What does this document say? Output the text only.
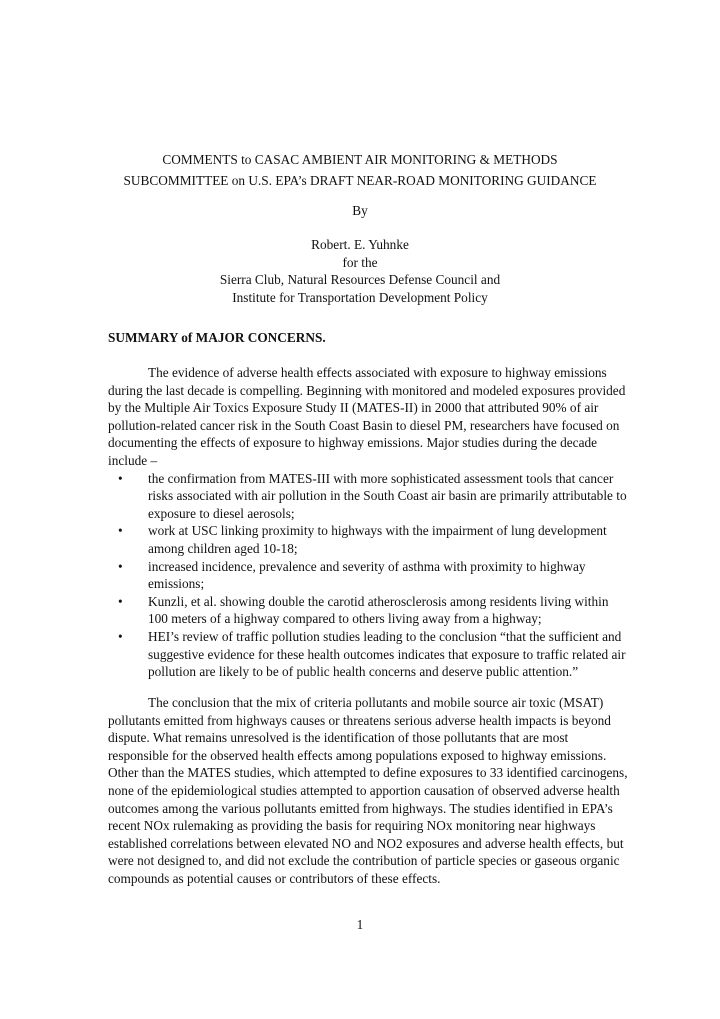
COMMENTS to CASAC AMBIENT AIR MONITORING & METHODS
SUBCOMMITTEE on U.S. EPA’s DRAFT NEAR-ROAD MONITORING GUIDANCE
By
Robert. E. Yuhnke
for the
Sierra Club, Natural Resources Defense Council and
Institute for Transportation Development Policy
SUMMARY of MAJOR CONCERNS.

The evidence of adverse health effects associated with exposure to highway emissions during the last decade is compelling. Beginning with monitored and modeled exposures provided by the Multiple Air Toxics Exposure Study II (MATES-II) in 2000 that attributed 90% of air pollution-related cancer risk in the South Coast Basin to diesel PM, researchers have focused on documenting the effects of exposure to highway emissions. Major studies during the decade include –

• the confirmation from MATES-III with more sophisticated assessment tools that cancer risks associated with air pollution in the South Coast air basin are primarily attributable to exposure to diesel aerosols;
• work at USC linking proximity to highways with the impairment of lung development among children aged 10-18;
• increased incidence, prevalence and severity of asthma with proximity to highway emissions;
• Kunzli, et al. showing double the carotid atherosclerosis among residents living within 100 meters of a highway compared to others living away from a highway;
• HEI’s review of traffic pollution studies leading to the conclusion “that the sufficient and suggestive evidence for these health outcomes indicates that exposure to traffic related air pollution are likely to be of public health concerns and deserve public attention.”

The conclusion that the mix of criteria pollutants and mobile source air toxic (MSAT) pollutants emitted from highways causes or threatens serious adverse health impacts is beyond dispute. What remains unresolved is the identification of those pollutants that are most responsible for the observed health effects among populations exposed to highway emissions. Other than the MATES studies, which attempted to define exposures to 33 identified carcinogens, none of the epidemiological studies attempted to apportion causation of observed adverse health outcomes among the various pollutants emitted from highways. The studies identified in EPA’s recent NOx rulemaking as providing the basis for requiring NOx monitoring near highways established correlations between elevated NO and NO2 exposures and adverse health effects, but were not designed to, and did not exclude the contribution of particle species or gaseous organic compounds as potential causes or contributors of these effects.

1
